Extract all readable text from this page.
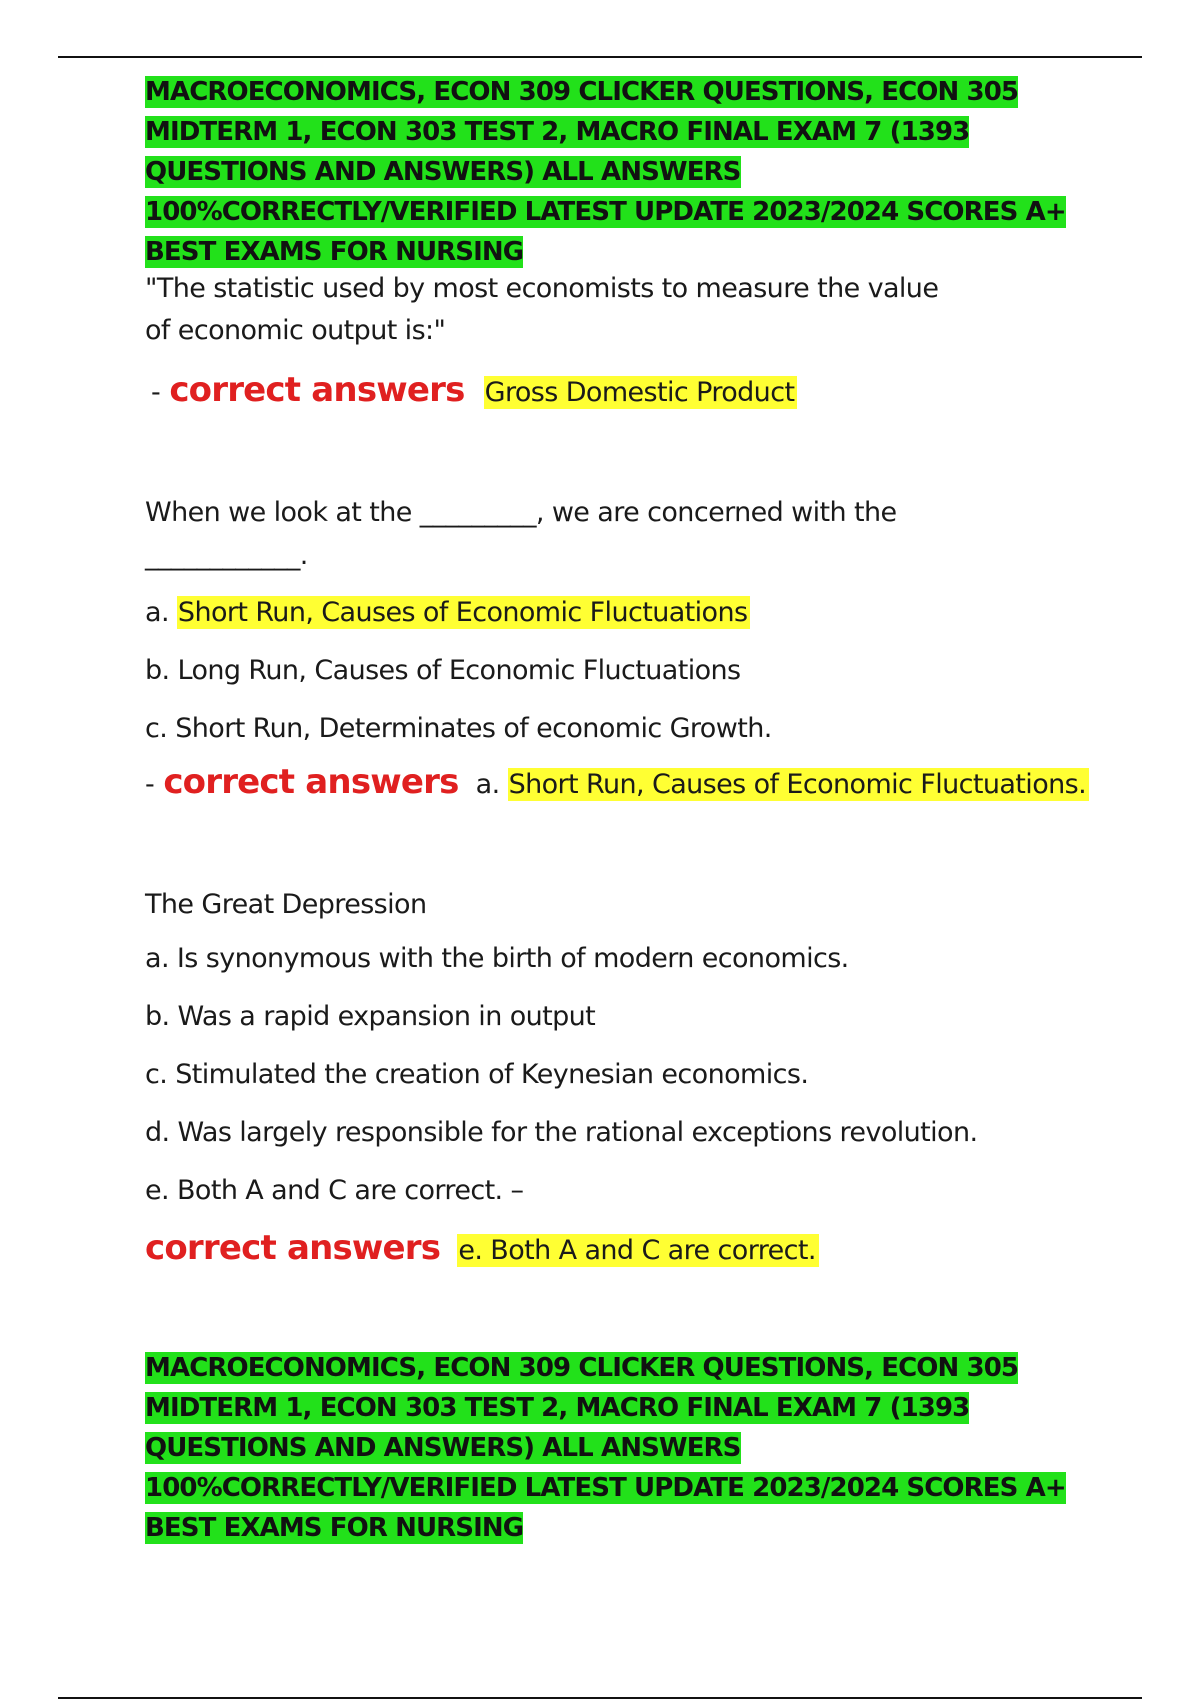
MACROECONOMICS, ECON 309 CLICKER QUESTIONS, ECON 305 MIDTERM 1, ECON 303 TEST 2, MACRO FINAL EXAM 7 (1393 QUESTIONS AND ANSWERS) ALL ANSWERS 100%CORRECTLY/VERIFIED LATEST UPDATE 2023/2024 SCORES A+ BEST EXAMS FOR NURSING

"The statistic used by most economists to measure the value of economic output is:"

- correct answers Gross Domestic Product

When we look at the _________, we are concerned with the

____________.

a. Short Run, Causes of Economic Fluctuations

b. Long Run, Causes of Economic Fluctuations

c. Short Run, Determinates of economic Growth.

- correct answers a. Short Run, Causes of Economic Fluctuations.

The Great Depression

a. Is synonymous with the birth of modern economics.

b. Was a rapid expansion in output

c. Stimulated the creation of Keynesian economics.

d. Was largely responsible for the rational exceptions revolution.

e. Both A and C are correct. –

correct answers e. Both A and C are correct.

MACROECONOMICS, ECON 309 CLICKER QUESTIONS, ECON 305 MIDTERM 1, ECON 303 TEST 2, MACRO FINAL EXAM 7 (1393 QUESTIONS AND ANSWERS) ALL ANSWERS 100%CORRECTLY/VERIFIED LATEST UPDATE 2023/2024 SCORES A+ BEST EXAMS FOR NURSING
